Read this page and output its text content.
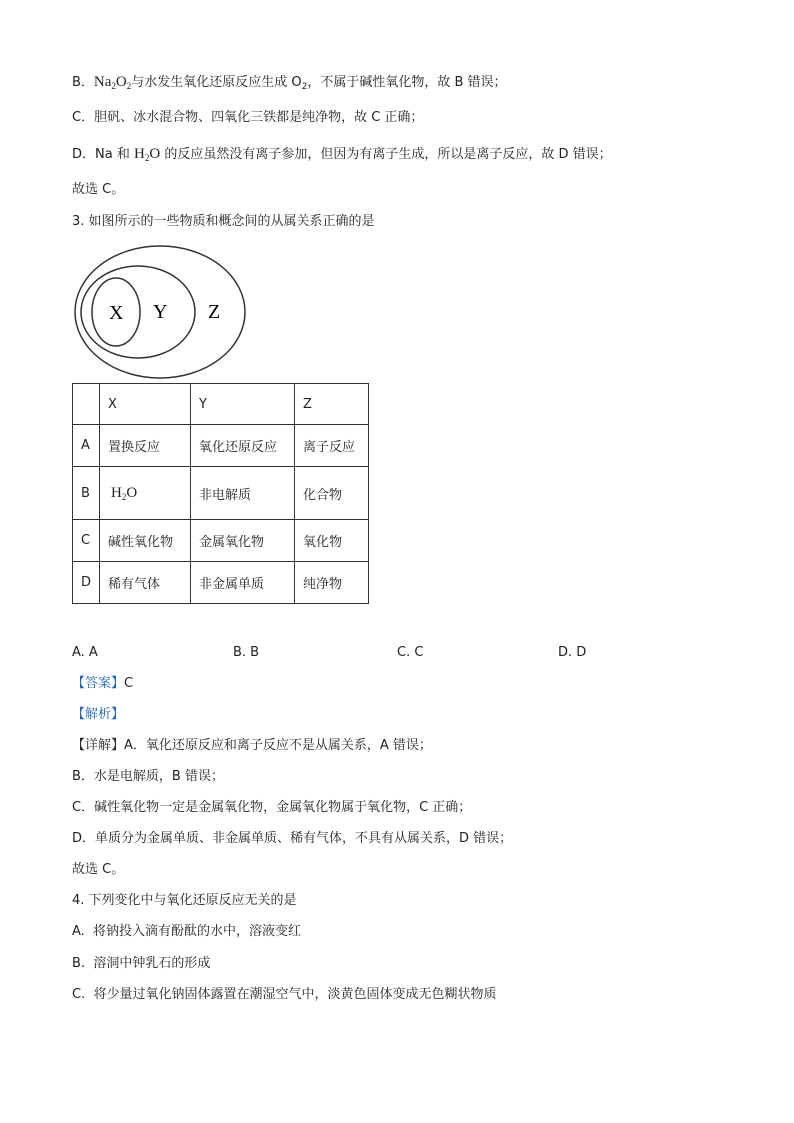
B．$Na_2O_2$与水发生氧化还原反应生成 $O_2$，不属于碱性氧化物，故 B 错误；
C．胆矾、冰水混合物、四氧化三铁都是纯净物，故 C 正确；
D．Na 和 $H_2O$ 的反应虽然没有离子参加，但因为有离子生成，所以是离子反应，故 D 错误；
故选 C。
3. 如图所示的一些物质和概念间的从属关系正确的是
X Y Z
	X	Y	Z
A	置换反应	氧化还原反应	离子反应
B	$H_2O$	非电解质	化合物
C	碱性氧化物	金属氧化物	氧化物
D	稀有气体	非金属单质	纯净物
A. A	B. B	C. C	D. D
【答案】C
【解析】
【详解】A．氧化还原反应和离子反应不是从属关系，A 错误；
B．水是电解质，B 错误；
C．碱性氧化物一定是金属氧化物，金属氧化物属于氧化物，C 正确；
D．单质分为金属单质、非金属单质、稀有气体，不具有从属关系，D 错误；
故选 C。
4. 下列变化中与氧化还原反应无关的是
A.  将钠投入滴有酚酞的水中，溶液变红
B.  溶洞中钟乳石的形成
C.  将少量过氧化钠固体露置在潮湿空气中，淡黄色固体变成无色糊状物质
